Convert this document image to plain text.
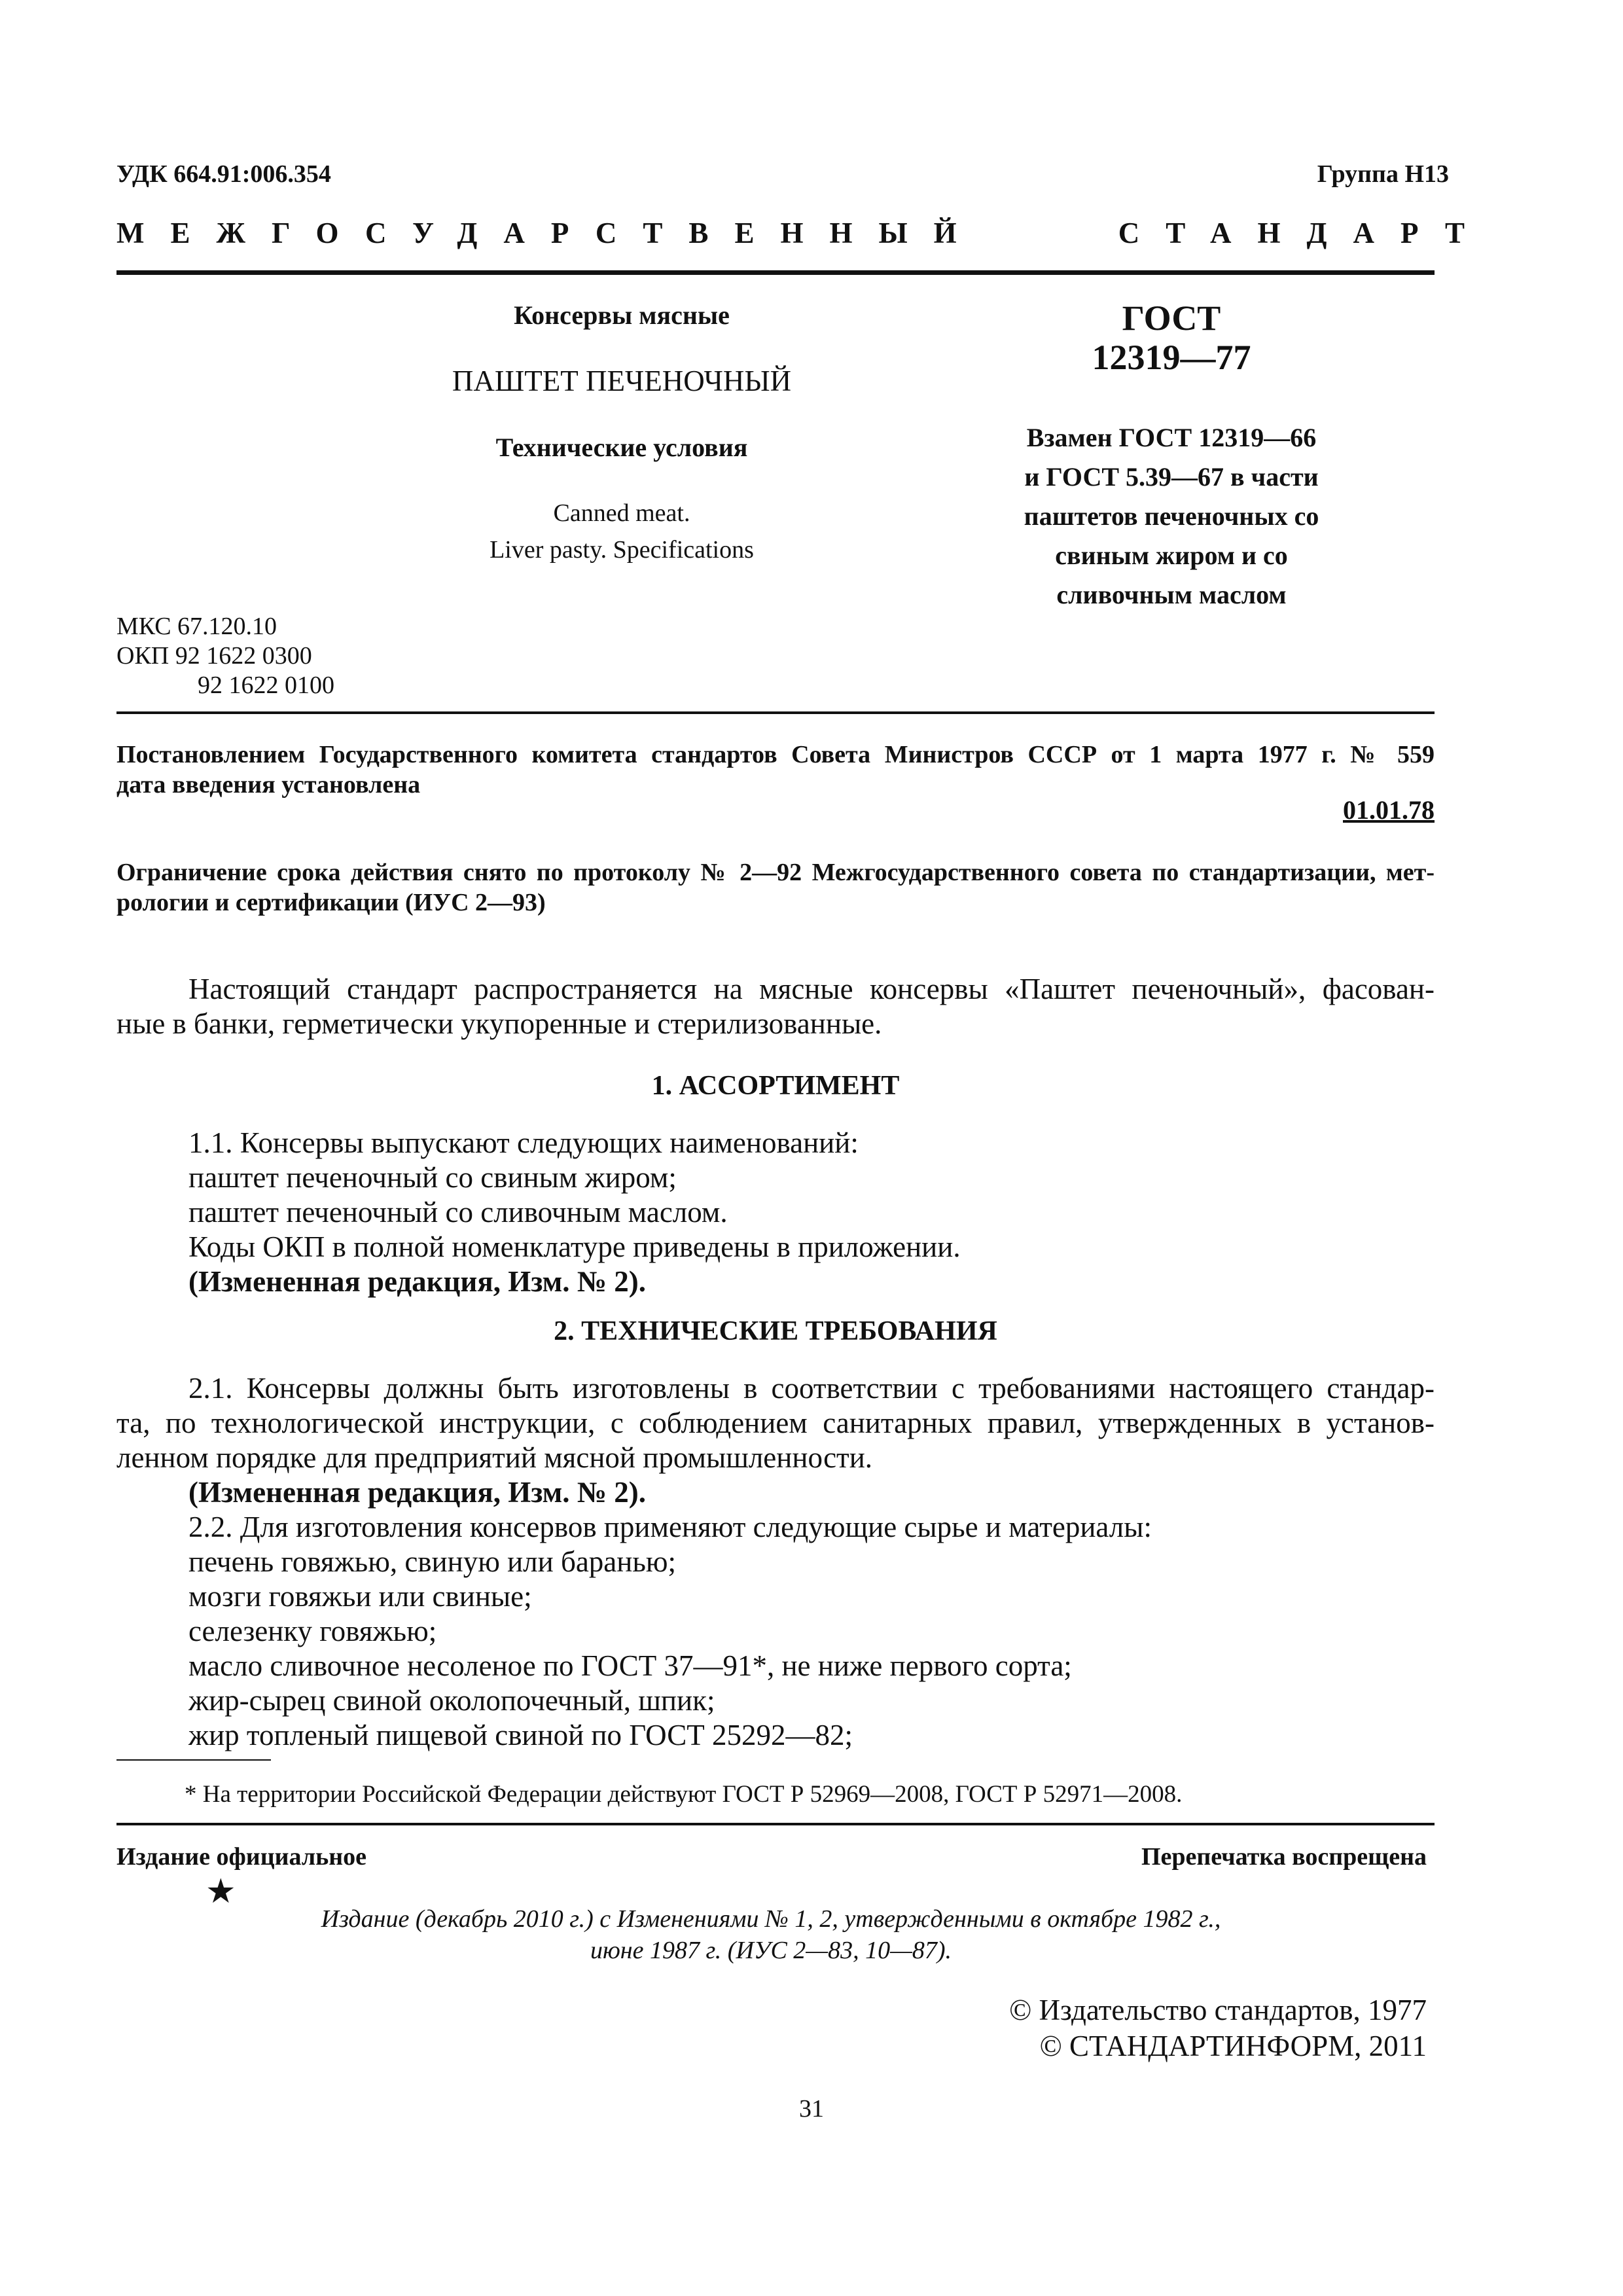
УДК 664.91:006.354	Группа Н13
МЕЖГОСУДАРСТВЕННЫЙ	СТАНДАРТ
Консервы мясные
ПАШТЕТ ПЕЧЕНОЧНЫЙ
Технические условия
Canned meat.
Liver pasty. Specifications
ГОСТ
12319—77
Взамен ГОСТ 12319—66
и ГОСТ 5.39—67 в части
паштетов печеночных со
свиным жиром и со
сливочным маслом
МКС 67.120.10
ОКП 92 1622 0300
92 1622 0100
Постановлением Государственного комитета стандартов Совета Министров СССР от 1 марта 1977 г. № 559
дата введения установлена
01.01.78
Ограничение срока действия снято по протоколу № 2—92 Межгосударственного совета по стандартизации, мет-
рологии и сертификации (ИУС 2—93)
Настоящий стандарт распространяется на мясные консервы «Паштет печеночный», фасован-
ные в банки, герметически укупоренные и стерилизованные.
1. АССОРТИМЕНТ
1.1. Консервы выпускают следующих наименований:
паштет печеночный со свиным жиром;
паштет печеночный со сливочным маслом.
Коды ОКП в полной номенклатуре приведены в приложении.
(Измененная редакция, Изм. № 2).
2. ТЕХНИЧЕСКИЕ ТРЕБОВАНИЯ
2.1. Консервы должны быть изготовлены в соответствии с требованиями настоящего стандар-
та, по технологической инструкции, с соблюдением санитарных правил, утвержденных в установ-
ленном порядке для предприятий мясной промышленности.
(Измененная редакция, Изм. № 2).
2.2. Для изготовления консервов применяют следующие сырье и материалы:
печень говяжью, свиную или баранью;
мозги говяжьи или свиные;
селезенку говяжью;
масло сливочное несоленое по ГОСТ 37—91*, не ниже первого сорта;
жир-сырец свиной околопочечный, шпик;
жир топленый пищевой свиной по ГОСТ 25292—82;
* На территории Российской Федерации действуют ГОСТ Р 52969—2008, ГОСТ Р 52971—2008.
Издание официальное	Перепечатка воспрещена
★
Издание (декабрь 2010 г.) с Изменениями № 1, 2, утвержденными в октябре 1982 г.,
июне 1987 г. (ИУС 2—83, 10—87).
© Издательство стандартов, 1977
© СТАНДАРТИНФОРМ, 2011
31
